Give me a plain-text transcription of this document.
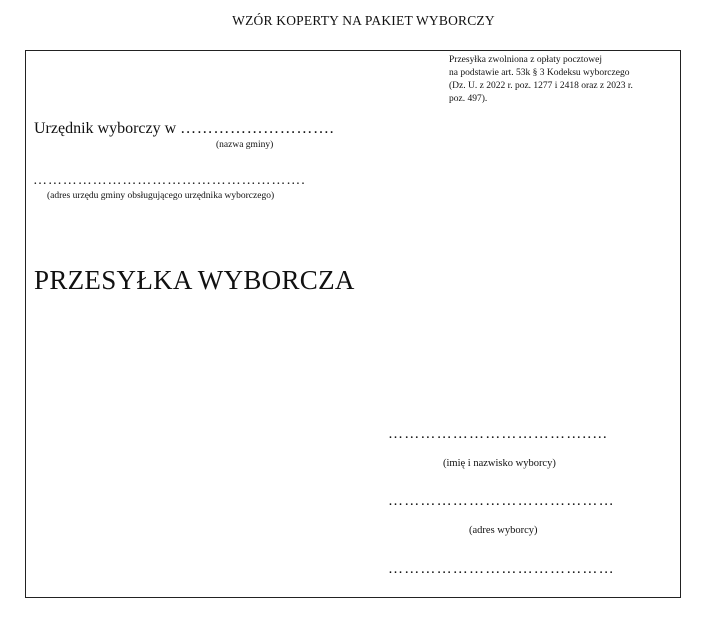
WZÓR KOPERTY NA PAKIET WYBORCZY
Przesyłka zwolniona z opłaty pocztowej
na podstawie art. 53k § 3 Kodeksu wyborczego
(Dz. U. z 2022 r. poz. 1277 i 2418 oraz z 2023 r.
poz. 497).
Urzędnik wyborczy w ……………………….
(nazwa gminy)
……………………………………………….
(adres urzędu gminy obsługującego urzędnika wyborczego)
PRZESYŁKA WYBORCZA
………………………………..…
(imię i nazwisko wyborcy)
……………………………………
(adres wyborcy)
……………………………………
